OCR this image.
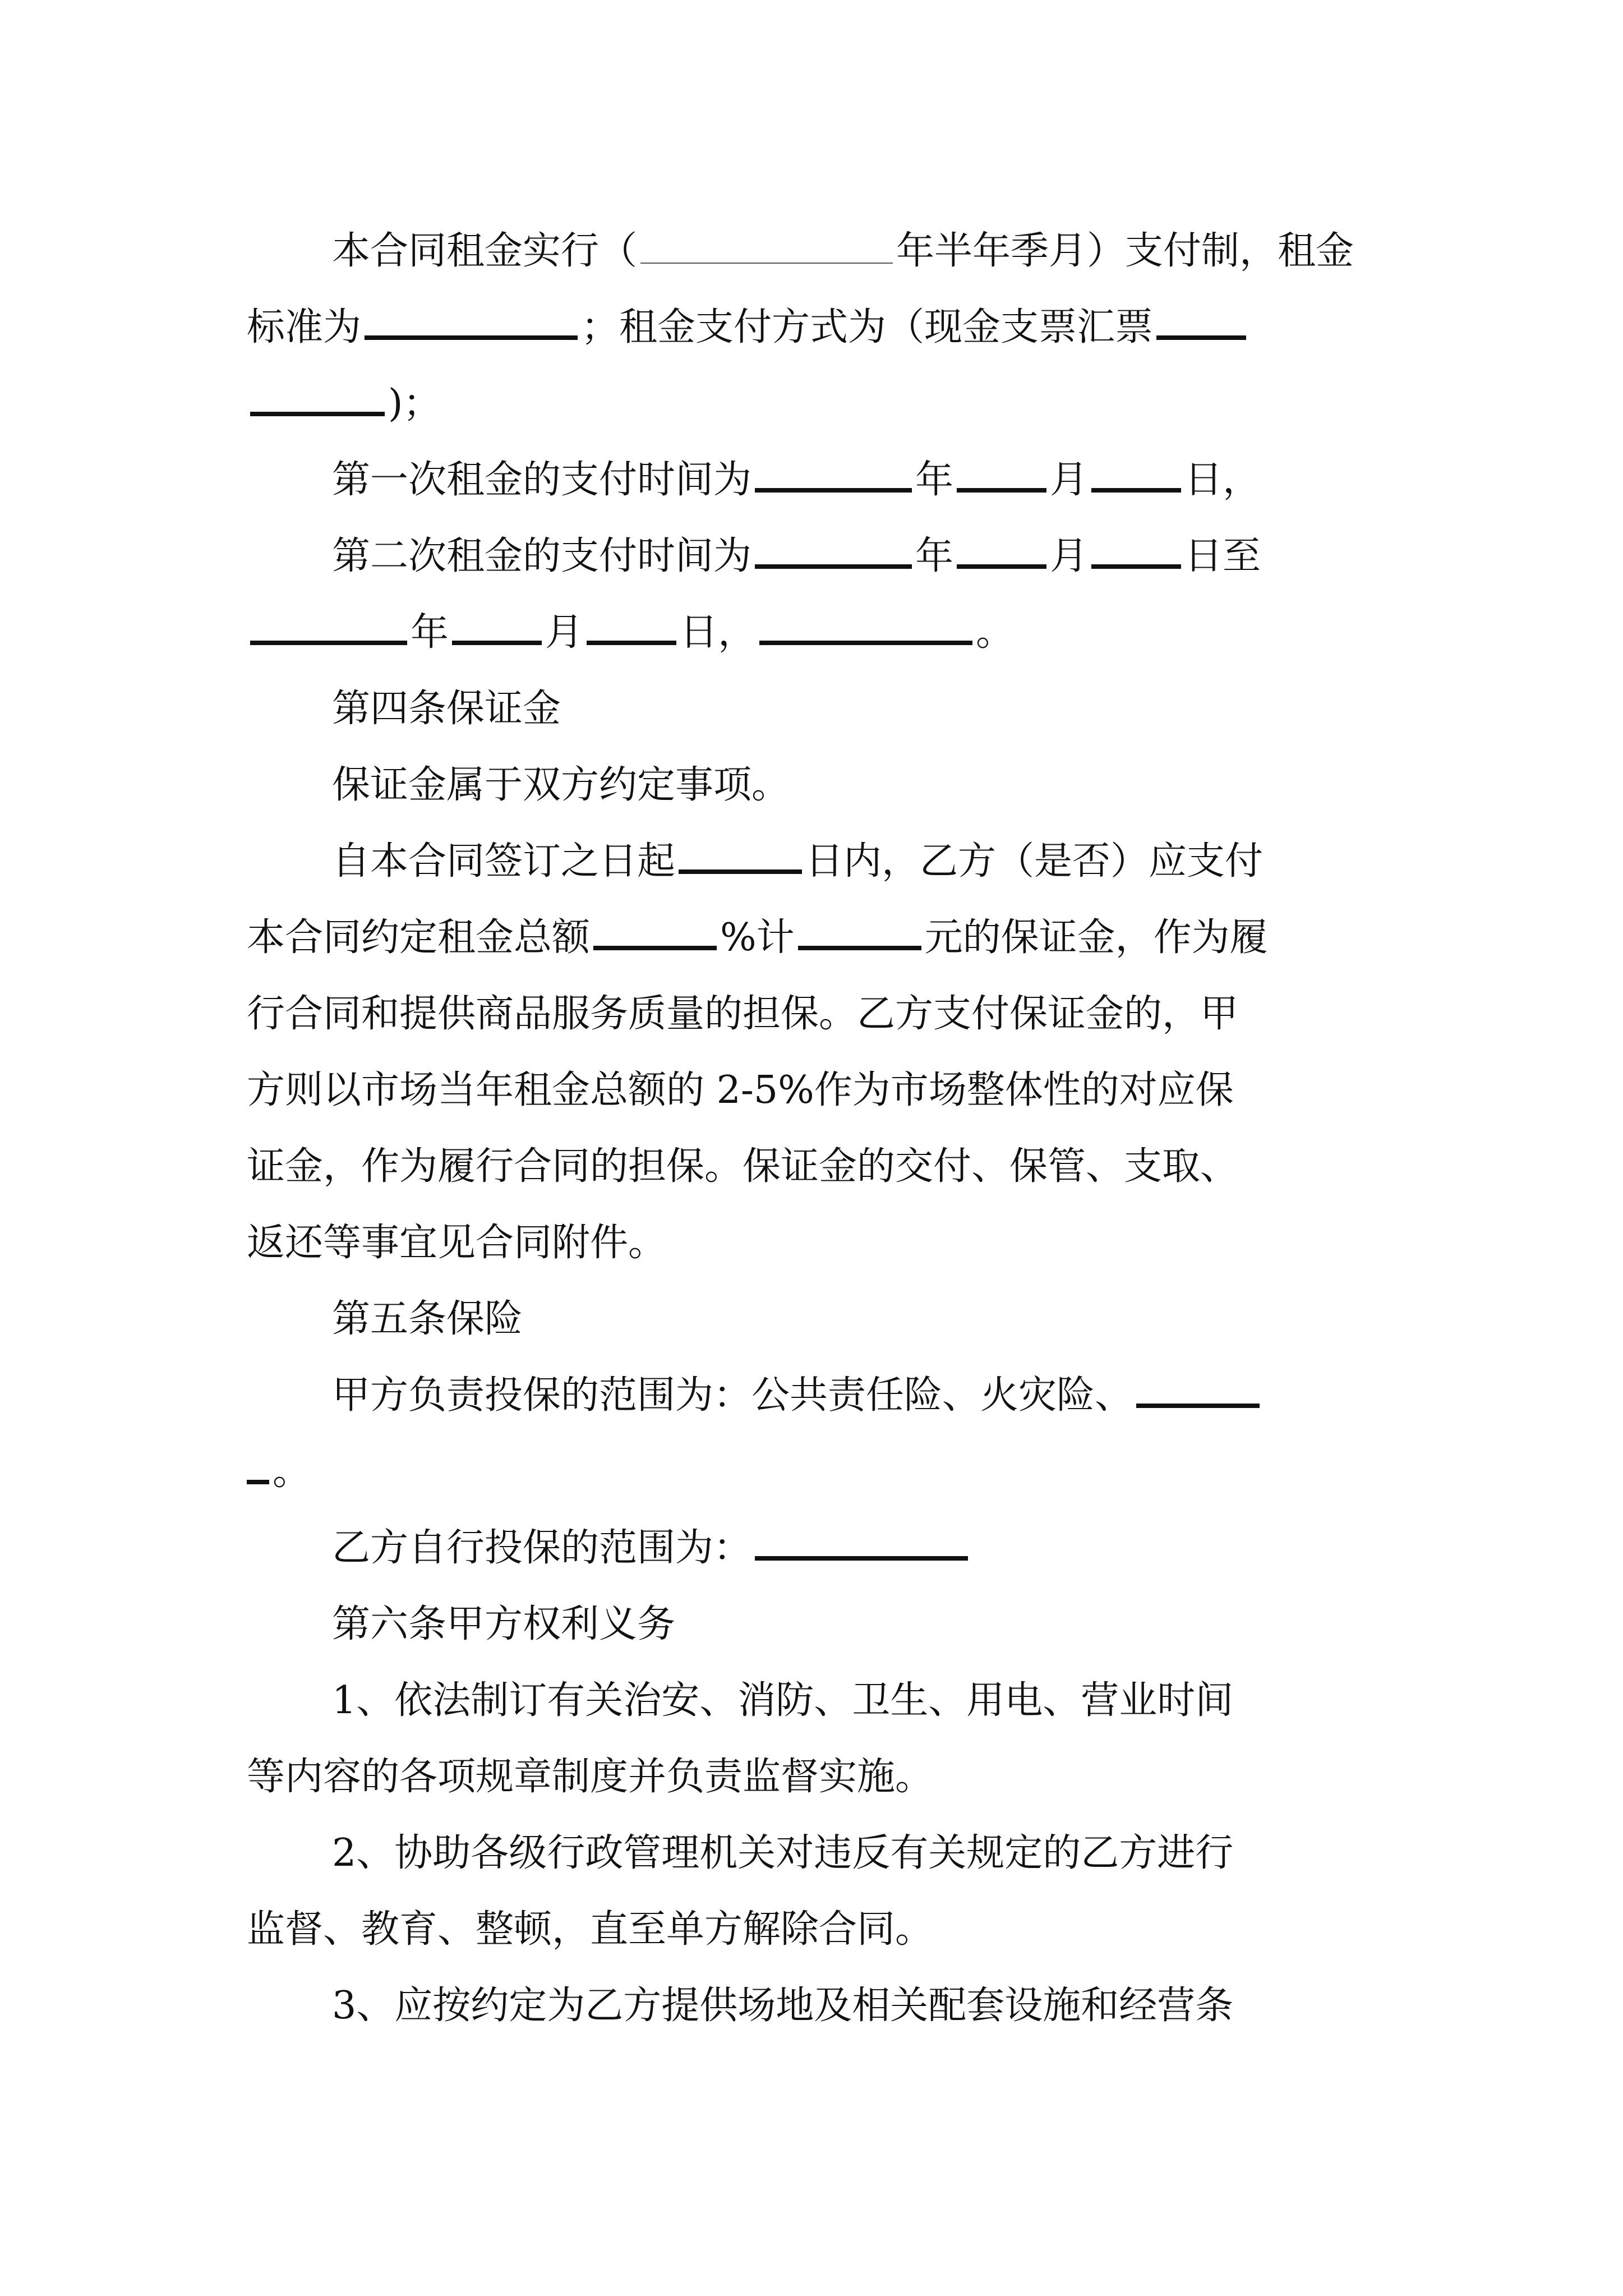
本合同租金实行（	年半年季月）支付制，租金
标准为	；租金支付方式为（现金支票汇票
)；
第一次租金的支付时间为	年	月	日，
第二次租金的支付时间为	年	月	日至
年	月	日，	。
第四条保证金
保证金属于双方约定事项。
自本合同签订之日起	日内，乙方（是否）应支付
本合同约定租金总额	%计	元的保证金，作为履
行合同和提供商品服务质量的担保。乙方支付保证金的，甲
方则以市场当年租金总额的 2-5%作为市场整体性的对应保
证金，作为履行合同的担保。保证金的交付、保管、支取、
返还等事宜见合同附件。
第五条保险
甲方负责投保的范围为：公共责任险、火灾险、
。
乙方自行投保的范围为：
第六条甲方权利义务
1、依法制订有关治安、消防、卫生、用电、营业时间
等内容的各项规章制度并负责监督实施。
2、协助各级行政管理机关对违反有关规定的乙方进行
监督、教育、整顿，直至单方解除合同。
3、应按约定为乙方提供场地及相关配套设施和经营条
